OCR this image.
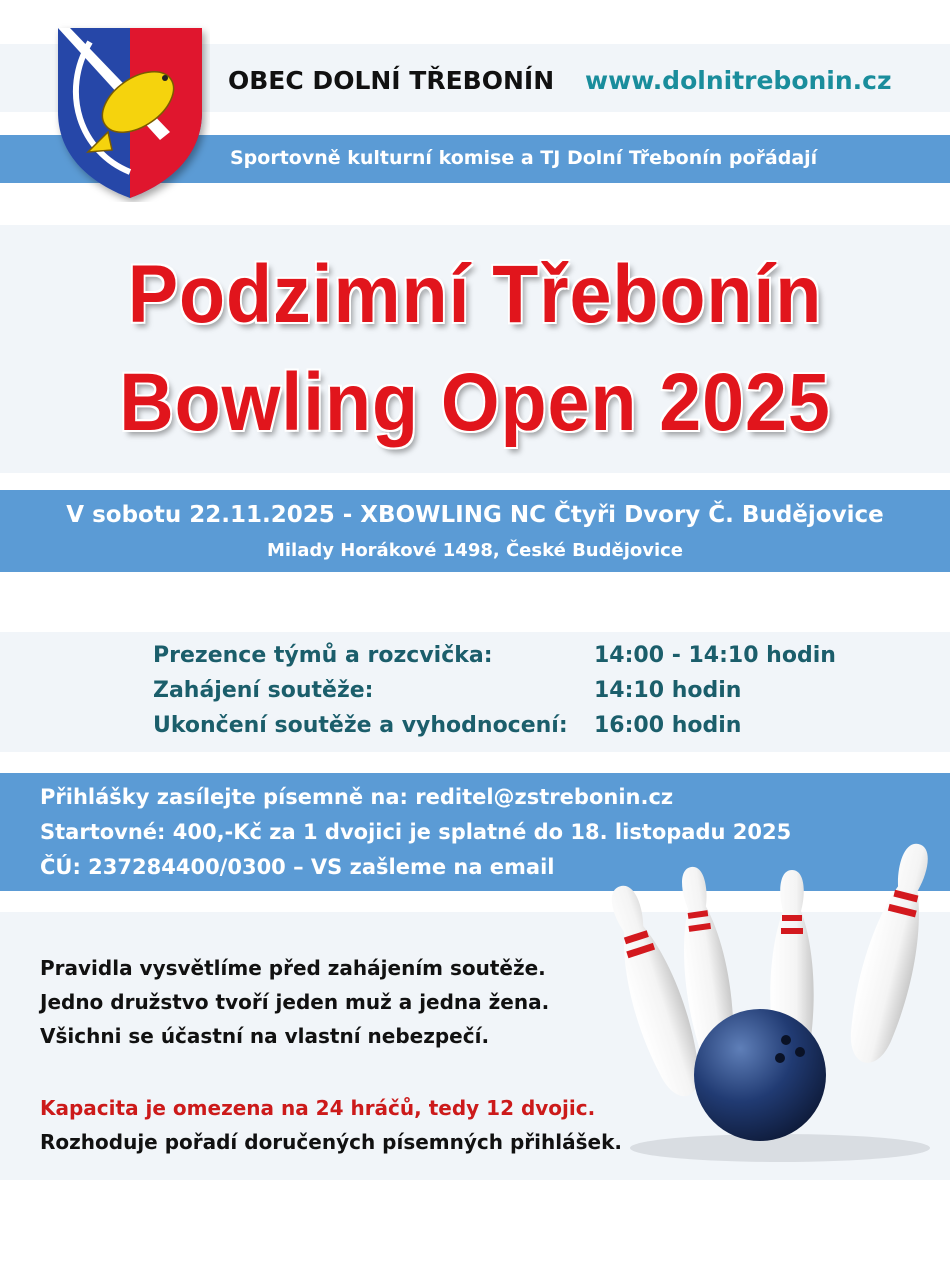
OBEC DOLNÍ TŘEBONÍN www.dolnitrebonin.cz
Sportovně kulturní komise a TJ Dolní Třebonín pořádají
Podzimní Třebonín
Bowling Open 2025
V sobotu 22.11.2025 - XBOWLING NC Čtyři Dvory Č. Budějovice
Milady Horákové 1498, České Budějovice
Prezence týmů a rozcvička:	14:00 - 14:10 hodin
Zahájení soutěže:	14:10 hodin
Ukončení soutěže a vyhodnocení: 16:00 hodin
Přihlášky zasílejte písemně na: reditel@zstrebonin.cz
Startovné: 400,-Kč za 1 dvojici je splatné do 18. listopadu 2025
ČÚ: 237284400/0300 – VS zašleme na email
Pravidla vysvětlíme před zahájením soutěže.
Jedno družstvo tvoří jeden muž a jedna žena.
Všichni se účastní na vlastní nebezpečí.
Kapacita je omezena na 24 hráčů, tedy 12 dvojic.
Rozhoduje pořadí doručených písemných přihlášek.
